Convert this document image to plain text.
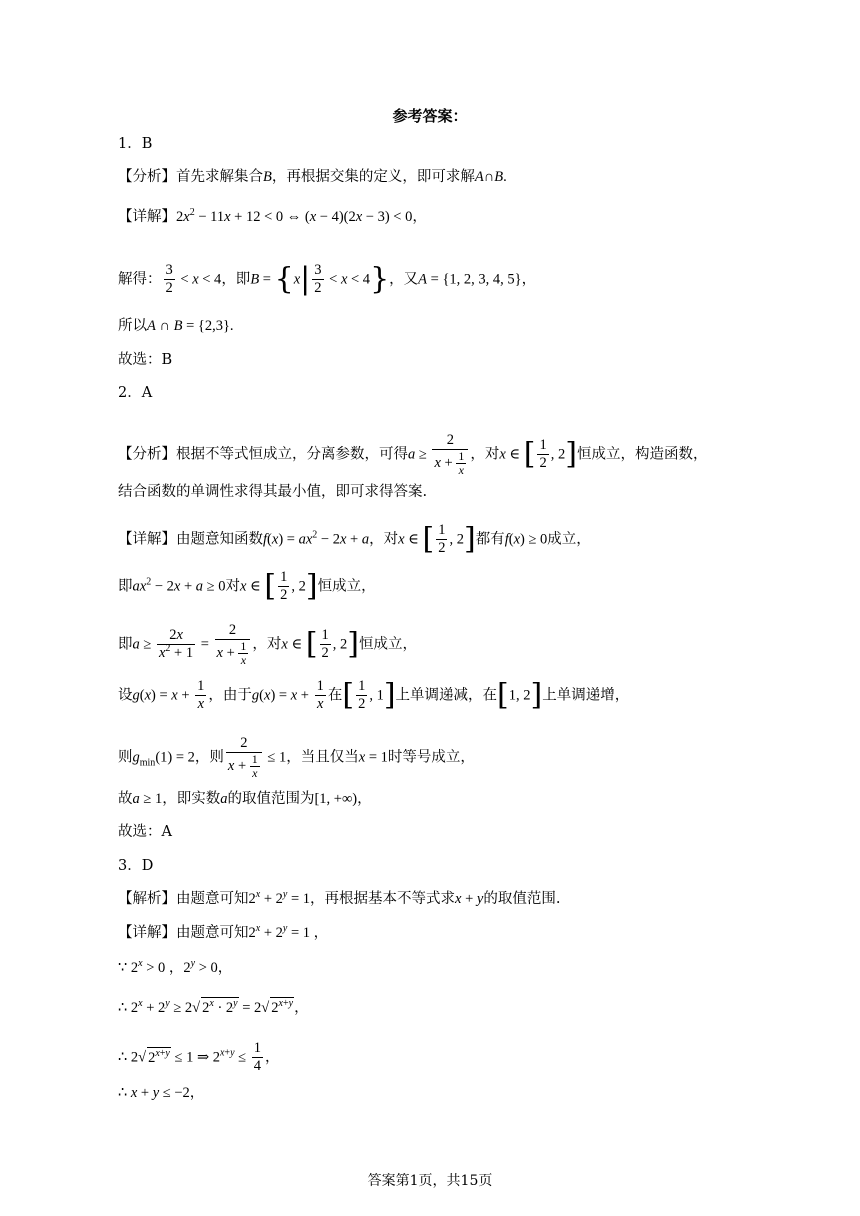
参考答案：
1．B
【分析】首先求解集合B，再根据交集的定义，即可求解A∩B.
【详解】$2x^2 - 11x + 12 < 0$ ⇔ (x − 4)(2x − 3) < 0，
解得： $\frac{3}{2} < x < 4$，即$B = \{x| \frac{3}{2} < x < 4\}$，又A = {1, 2, 3, 4, 5}，
所以A ∩ B = {2,3}.
故选：B
2．A
【分析】根据不等式恒成立，分离参数，可得$a \ge \frac{2}{x + \frac{1}{x}}$ ，对x ∈ [ $\frac{1}{2}$ , 2]恒成立，构造函数，
结合函数的单调性求得其最小值，即可求得答案.
【详解】由题意知函数$f(x) = ax^2 - 2x + a$，对x ∈ [ $\frac{1}{2}$ , 2]都有f(x) ≥ 0成立，
即$ax^2 - 2x + a \ge 0$对x ∈ [ $\frac{1}{2}$ , 2]恒成立，
即$a \ge \frac{2x}{x^2 + 1} = \frac{2}{x + \frac{1}{x}}$ ，对x ∈ [ $\frac{1}{2}$ , 2]恒成立，
设$g(x) = x + \frac{1}{x}$ ，由于$g(x) = x + \frac{1}{x}$ 在[ $\frac{1}{2}$ , 1]上单调递减，在[1, 2]上单调递增，
则$g_{min}(1) = 2$，则 $\frac{2}{x + \frac{1}{x}} \le 1$，当且仅当x = 1时等号成立，
故a ≥ 1，即实数a的取值范围为[1, +∞)，
故选：A
3．D
【解析】由题意可知$2^x + 2^y = 1$，再根据基本不等式求x + y的取值范围.
【详解】由题意可知$2^x + 2^y = 1$ ，
∵ $2^x > 0$ ，$2^y > 0$，
∴ $2^x + 2^y \ge 2√$ $2^x \cdot 2^y = 2√$ $2^{x+y}$，
∴ 2√ $2^{x+y} \le 1$ ⇒ $2^{x+y} \le \frac{1}{4}$ ，
∴ x + y ≤ −2，
答案第1页，共15页
